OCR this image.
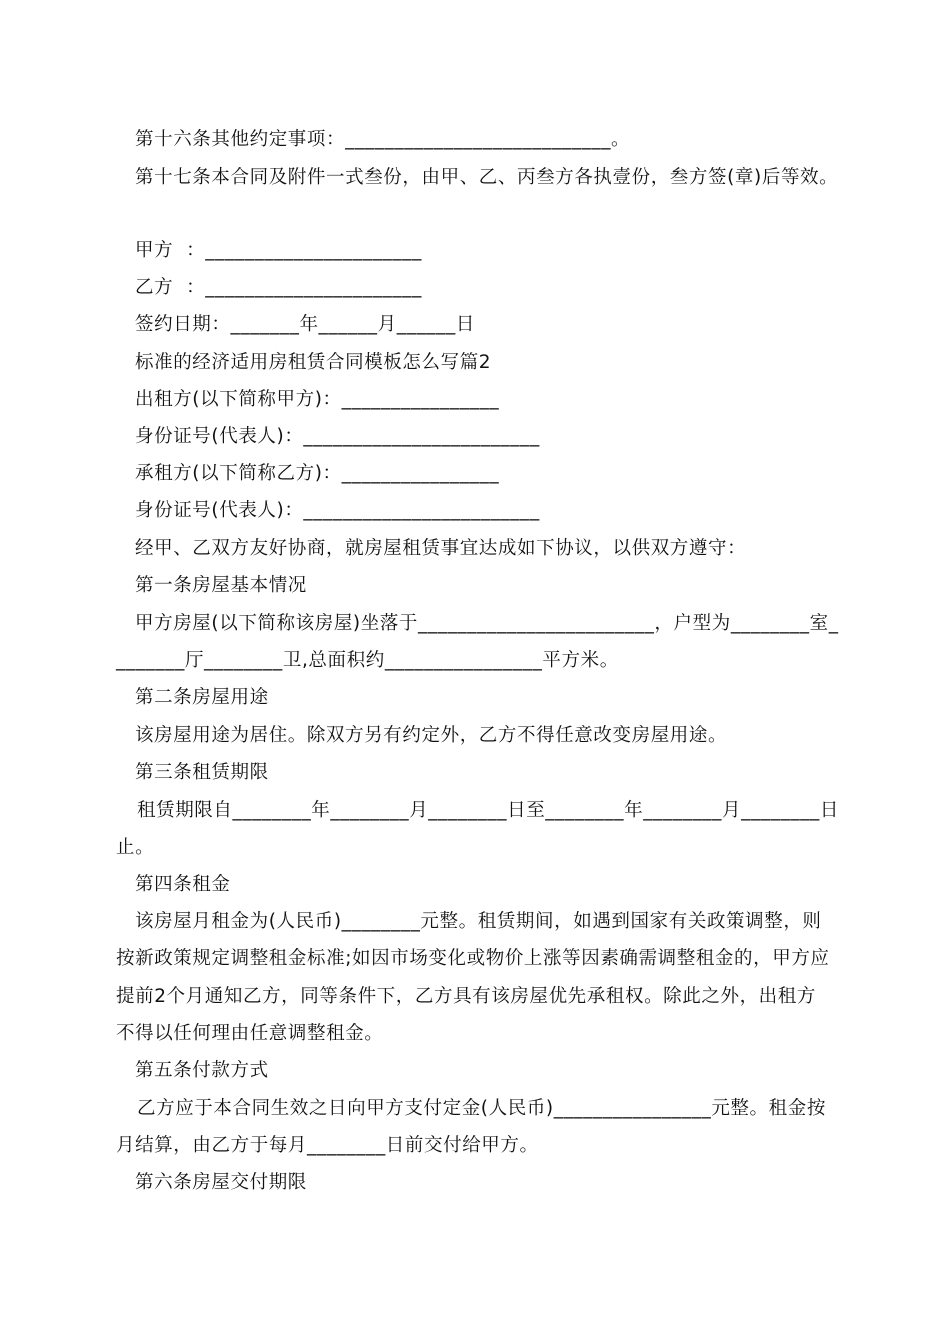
第十六条其他约定事项：___________________________。
第十七条本合同及附件一式叁份，由甲、乙、丙叁方各执壹份，叁方签(章)后等效。
甲方  ：______________________
乙方  ：______________________
签约日期：_______年______月______日
标准的经济适用房租赁合同模板怎么写篇2
出租方(以下简称甲方)：________________
身份证号(代表人)：________________________
承租方(以下简称乙方)：________________
身份证号(代表人)：________________________
经甲、乙双方友好协商，就房屋租赁事宜达成如下协议，以供双方遵守：
第一条房屋基本情况
甲方房屋(以下简称该房屋)坐落于________________________，户型为________室_
_______厅________卫,总面积约________________平方米。
第二条房屋用途
该房屋用途为居住。除双方另有约定外，乙方不得任意改变房屋用途。
第三条租赁期限
租赁期限自________年________月________日至________年________月________日
止。
第四条租金
该房屋月租金为(人民币)________元整。租赁期间，如遇到国家有关政策调整，则
按新政策规定调整租金标准;如因市场变化或物价上涨等因素确需调整租金的，甲方应
提前2个月通知乙方，同等条件下，乙方具有该房屋优先承租权。除此之外，出租方
不得以任何理由任意调整租金。
第五条付款方式
乙方应于本合同生效之日向甲方支付定金(人民币)________________元整。租金按
月结算，由乙方于每月________日前交付给甲方。
第六条房屋交付期限
